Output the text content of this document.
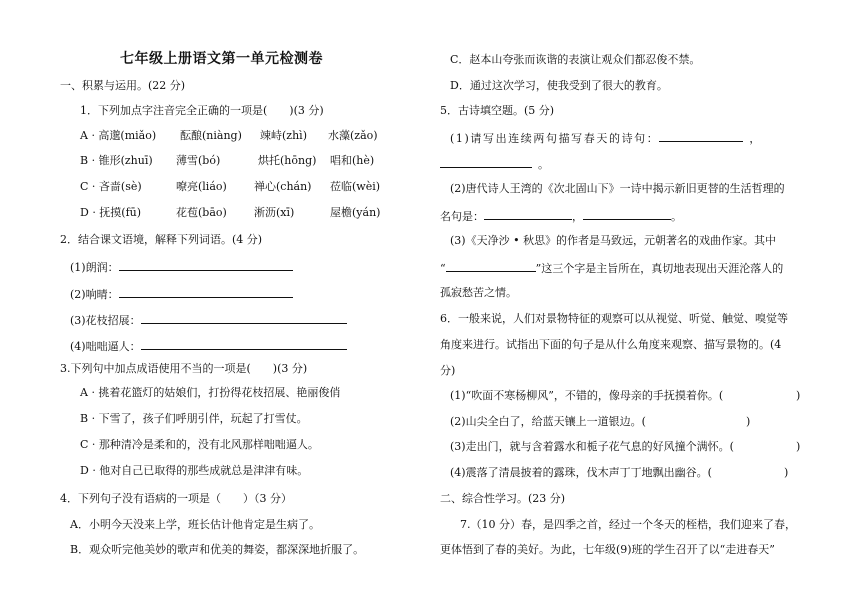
七年级上册语文第一单元检测卷
一、积累与运用。(22 分)
1．下列加点字注音完全正确的一项是(　　)(3 分)
A · 高邈(miǎo) 酝酿(niàng) 竦峙(zhì) 水藻(zǎo)
B · 锥形(zhuī) 薄雪(bó)	烘托(hōng) 唱和(hè)
C · 吝啬(sè)	嘹亮(liáo) 禅心(chán) 莅临(wèi)
D · 抚摸(fū)	花苞(bāo) 淅沥(xī)	屋檐(yán)
2．结合课文语境，解释下列词语。(4 分)
(1)朗润：
(2)响晴：
(3)花枝招展：
(4)咄咄逼人：
3.下列句中加点成语使用不当的一项是(　　)(3 分)
A · 挑着花篮灯的姑娘们，打扮得花枝招展、艳丽俊俏
B · 下雪了，孩子们呼朋引伴，玩起了打雪仗。
C · 那种清冷是柔和的，没有北风那样咄咄逼人。
D · 他对自己已取得的那些成就总是津津有味。
4．下列句子没有语病的一项是（　　）（3 分）
A．小明今天没来上学，班长估计他肯定是生病了。
B．观众听完他美妙的歌声和优美的舞姿，都深深地折服了。
C．赵本山夸张而诙谐的表演让观众们都忍俊不禁。
D．通过这次学习，使我受到了很大的教育。
5．古诗填空题。(5 分)
(1)请写出连续两句描写春天的诗句：	，
。
(2)唐代诗人王湾的《次北固山下》一诗中揭示新旧更替的生活哲理的
名句是：	，	。
(3)《天净沙 • 秋思》的作者是马致远，元朝著名的戏曲作家。其中
“	”这三个字是主旨所在，真切地表现出天涯沦落人的
孤寂愁苦之情。
6．一般来说，人们对景物特征的观察可以从视觉、听觉、触觉、嗅觉等
角度来进行。试指出下面的句子是从什么角度来观察、描写景物的。(4
分)
(1)“吹面不寒杨柳风”，不错的，像母亲的手抚摸着你。(	)
(2)山尖全白了，给蓝天镶上一道银边。(	)
(3)走出门，就与含着露水和栀子花气息的好风撞个满怀。(	)
(4)震落了清晨披着的露珠，伐木声丁丁地飘出幽谷。(	)
二、综合性学习。(23 分)
7.（10 分）春，是四季之首，经过一个冬天的桎梏，我们迎来了春，
更体悟到了春的美好。为此，七年级(9)班的学生召开了以“走进春天”
